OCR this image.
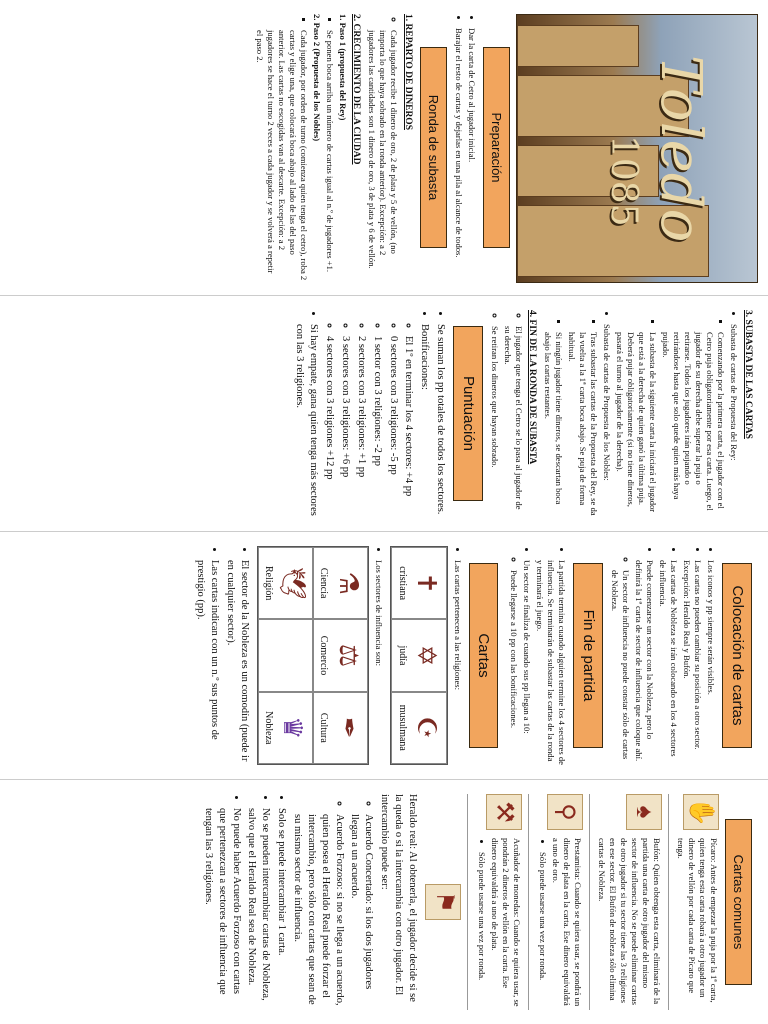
Toledo
1085
Preparación
• Dar la carta de Cetro al jugador inicial.
• Barajar el resto de cartas y dejarlas en una pila al alcance de todos.
Ronda de subasta
1. REPARTO DE DINEROS
◦ Cada jugador recibe 1 dinero de oro, 2 de plata y 5 de vellón, (no importa lo que haya sobrado en la ronda anterior). Excepción: a 2 jugadores las cantidades son 1 dinero de oro, 3 de plata y 6 de vellón.
2. CRECIMIENTO DE LA CIUDAD
1. Paso 1 (propuesta del Rey)
▪ Se ponen boca arriba un número de cartas igual al n.º de jugadores +1.
2. Paso 2 (Propuesta de los Nobles)
▪ Cada jugador, por orden de turno (comienza quien tenga el cetro), roba 2 cartas y elige una, que colocará boca abajo al lado de las del paso anterior. Las cartas no escogidas van al descarte. Excepción: a 2 jugadores se hace el turno 2 veces a cada jugador y se volverá a repetir el paso 2.
3. SUBASTA DE LAS CARTAS
• Subasta de cartas de Propuesta del Rey:
▪ Comenzando por la primera carta, el jugador con el Cetro puja obligatoriamente por esa carta. Luego, el jugador de su derecha debe superar la puja o retirarse. Todos los jugadores irán pujando o retirándose hasta que solo quede quien más haya pujado.
▪ La subasta de la siguiente carta la iniciará el jugador que está a la derecha de quien ganó la última puja. Deberá pujar obligatoriamente (si no tiene dineros, pasará el turno al jugador de la derecha).
• Subasta de cartas de Propuesta de los Nobles:
▪ Tras subastar las cartas de la Propuesta del Rey, se da la vuelta a la 1ª carta boca abajo. Se puja de forma habitual.
▪ Si ningún jugador tiene dineros, se descartan boca abajo las cartas restantes.
4. FIN DE LA RONDA DE SUBASTA
◦ El jugador que tenga el Cetro se lo pasa al jugador de su derecha.
◦ Se retiran los dineros que hayan sobrado.
Puntuación
• Se suman los pp totales de todos los sectores.
• Bonificaciones:
◦ El 1º en terminar los 4 sectores: +4 pp
◦ 0 sectores con 3 religiones: -5 pp
◦ 1 sector con 3 religiones: -2 pp
◦ 2 sectores con 3 religiones: +1 pp
◦ 3 sectores con 3 religiones: +6 pp
◦ 4 sectores con 3 religiones +12 pp
• Si hay empate, gana quien tenga más sectores con las 3 religiones.
Colocación de cartas
• Los iconos y pp siempre serán visibles.
• Las cartas no pueden cambiar su posición a otro sector. Excepción: Heraldo Real y Bufón.
• Las cartas de Nobleza se irán colocando en los 4 sectores de influencia.
• Puede comenzarse un sector con la Nobleza, pero lo definirá la 1ª carta de sector de influencia que coloque ahí.
◦ Un sector de influencia no puede constar sólo de cartas de Nobleza.
Fin de partida
• La partida termina cuando alguien termine los 4 sectores de influencia. Se terminarán de subastar las cartas de la ronda y terminará el juego.
• Un sector se finaliza de cuando sus pp llegan a 10:
◦ Puede llegarse a 10 pp con las bonificaciones.
Cartas
• Las cartas pertenecen a las religiones:
✝
cristiana
✡
judía
☪
musulmana
• Los sectores de influencia son:
⚗
Ciencia
⚖
Comercio
✒
Cultura
🕊
Religión
♛
Nobleza
• El sector de la Nobleza es un comodín (puede ir en cualquier sector).
• Las cartas indican con un n.º sus puntos de prestigio (pp).
Cartas comunes
✋
Pícaro: Antes de empezar la puja por la 1ª carta, quien tenga esta carta robará a otro jugador un dinero de vellón por cada carta de Pícaro que tenga.
♠
Bufón: Quien obtenga esta carta, eliminará de la partida una carta de otro jugador del mismo sector de influencia. No se puede eliminar cartas de otro jugador si tu sector tiene las 3 religiones en ese sector. El Bufón de nobleza sólo elimina cartas de Nobleza.
⚲
Prestamista: Cuando se quiera usar, se pondrá un dinero de plata en la carta. Ese dinero equivaldrá a uno de oro.
• Sólo puede usarse una vez por ronda.
⚒
Acuñador de monedas: Cuando se quiera usar, se pondrán 2 dineros de vellón en la carta. Ese dinero equivaldrá a uno de plata.
• Sólo puede usarse una vez por ronda.
⚑
Heraldo real: Al obtenerla, el jugador decide si se la queda o si la intercambia con otro jugador. El intercambio puede ser:
◦ Acuerdo Concertado: si los dos jugadores llegan a un acuerdo.
◦ Acuerdo Forzoso: si no se llega a un acuerdo, quien posea el Heraldo Real puede forzar el intercambio, pero sólo con cartas que sean de su mismo sector de influencia.
• Solo se puede intercambiar 1 carta.
• No se pueden intercambiar cartas de Nobleza, salvo que el Heraldo Real sea de Nobleza.
• No puede haber Acuerdo Forzoso con cartas que pertenezcan a sectores de influencia que tengan las 3 religiones.
